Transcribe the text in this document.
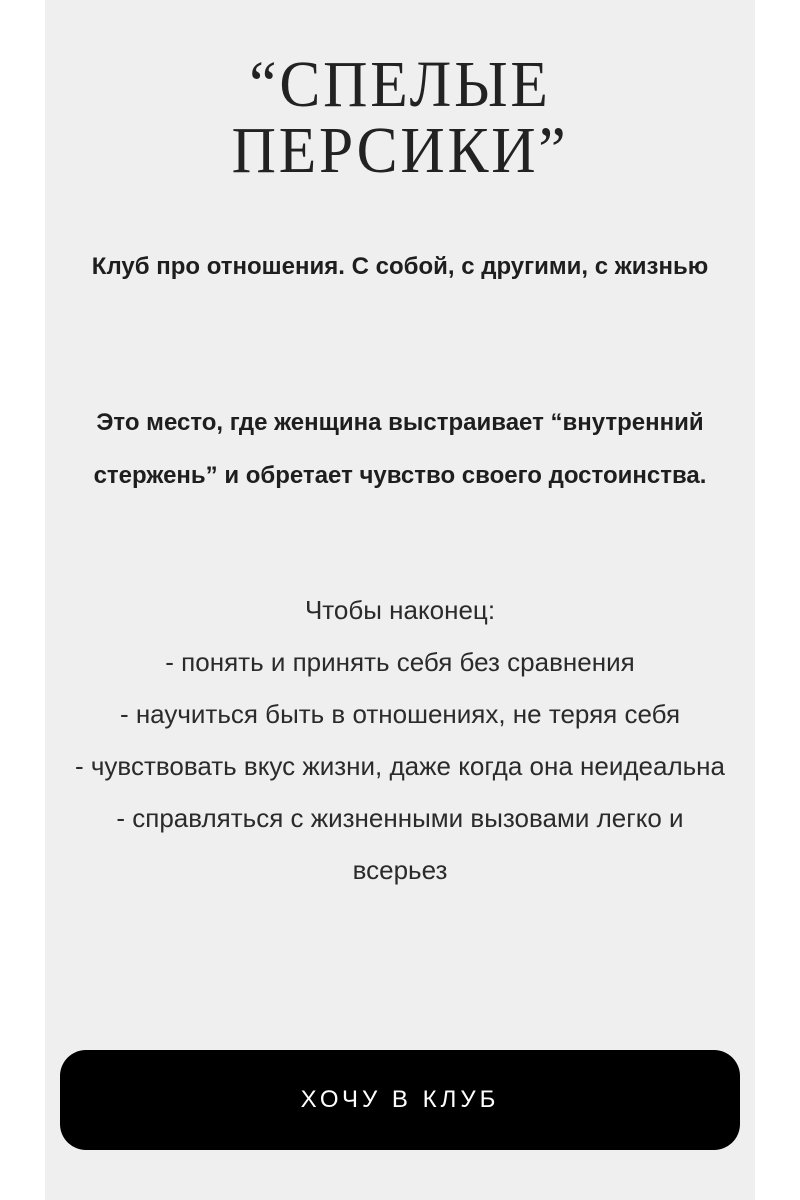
“СПЕЛЫЕ
ПЕРСИКИ”

Клуб про отношения. С собой, с другими, с жизнью

Это место, где женщина выстраивает “внутренний стержень” и обретает чувство своего достоинства.

Чтобы наконец:
- понять и принять себя без сравнения
- научиться быть в отношениях, не теряя себя
- чувствовать вкус жизни, даже когда она неидеальна
- справляться с жизненными вызовами легко и всерьез
ХОЧУ В КЛУБ
